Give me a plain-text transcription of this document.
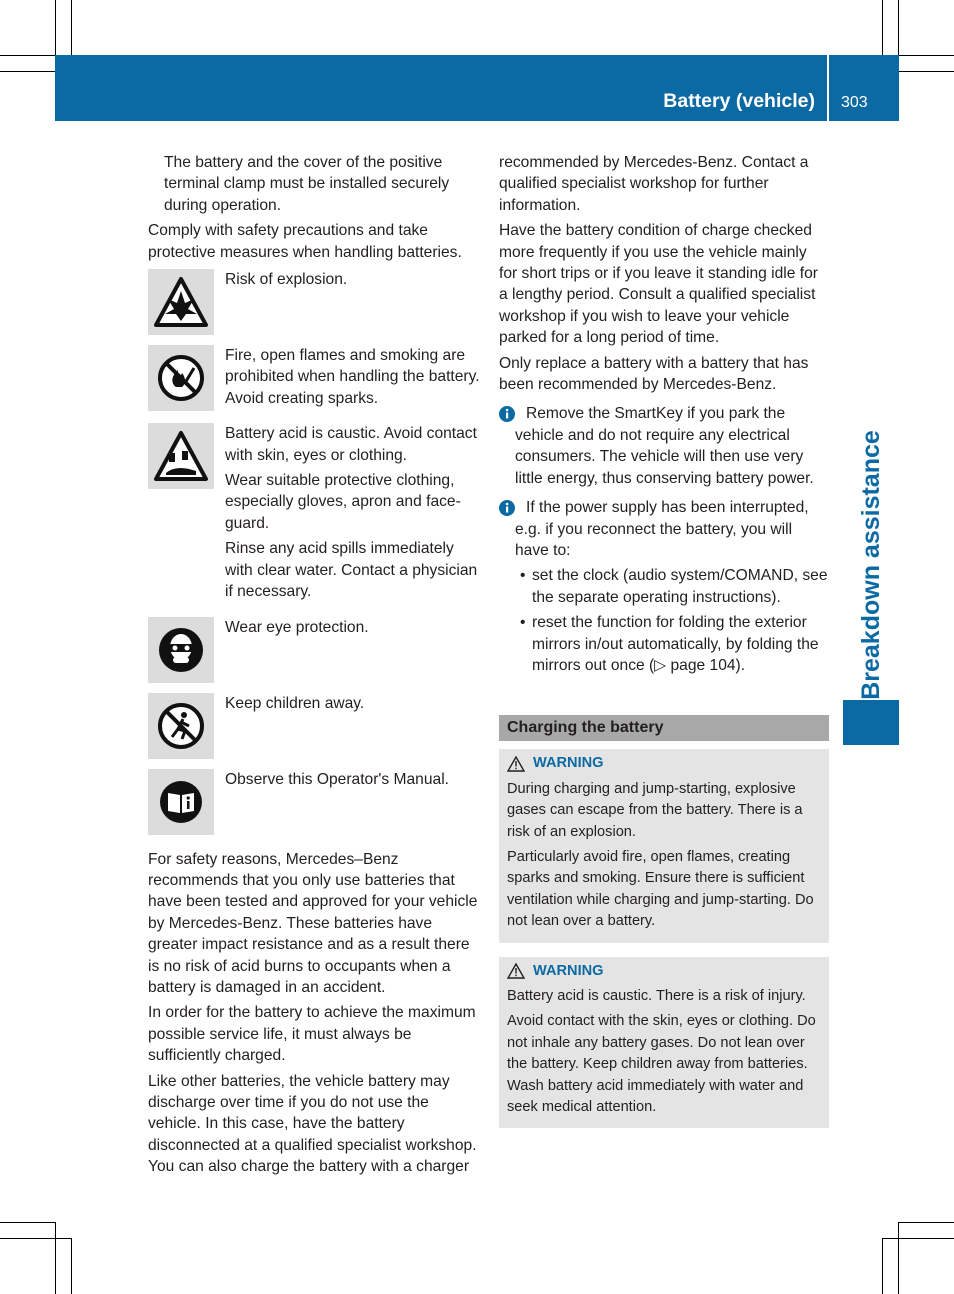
Battery (vehicle) 303
Breakdown assistance

The battery and the cover of the positive terminal clamp must be installed securely during operation.

Comply with safety precautions and take protective measures when handling batteries.

Risk of explosion.

Fire, open flames and smoking are prohibited when handling the battery. Avoid creating sparks.

Battery acid is caustic. Avoid contact with skin, eyes or clothing.

Wear suitable protective clothing, especially gloves, apron and face-guard.

Rinse any acid spills immediately with clear water. Contact a physician if necessary.

Wear eye protection.

Keep children away.

Observe this Operator's Manual.

For safety reasons, Mercedes–Benz recommends that you only use batteries that have been tested and approved for your vehicle by Mercedes-Benz. These batteries have greater impact resistance and as a result there is no risk of acid burns to occupants when a battery is damaged in an accident.

In order for the battery to achieve the maximum possible service life, it must always be sufficiently charged.

Like other batteries, the vehicle battery may discharge over time if you do not use the vehicle. In this case, have the battery disconnected at a qualified specialist workshop. You can also charge the battery with a charger

recommended by Mercedes-Benz. Contact a qualified specialist workshop for further information.

Have the battery condition of charge checked more frequently if you use the vehicle mainly for short trips or if you leave it standing idle for a lengthy period. Consult a qualified specialist workshop if you wish to leave your vehicle parked for a long period of time.

Only replace a battery with a battery that has been recommended by Mercedes-Benz.

Remove the SmartKey if you park the vehicle and do not require any electrical consumers. The vehicle will then use very little energy, thus conserving battery power.

If the power supply has been interrupted, e.g. if you reconnect the battery, you will have to:

• set the clock (audio system/COMAND, see the separate operating instructions).
• reset the function for folding the exterior mirrors in/out automatically, by folding the mirrors out once (▷ page 104).
Charging the battery
WARNING

During charging and jump-starting, explosive gases can escape from the battery. There is a risk of an explosion.

Particularly avoid fire, open flames, creating sparks and smoking. Ensure there is sufficient ventilation while charging and jump-starting. Do not lean over a battery.

WARNING

Battery acid is caustic. There is a risk of injury.

Avoid contact with the skin, eyes or clothing. Do not inhale any battery gases. Do not lean over the battery. Keep children away from batteries. Wash battery acid immediately with water and seek medical attention.
